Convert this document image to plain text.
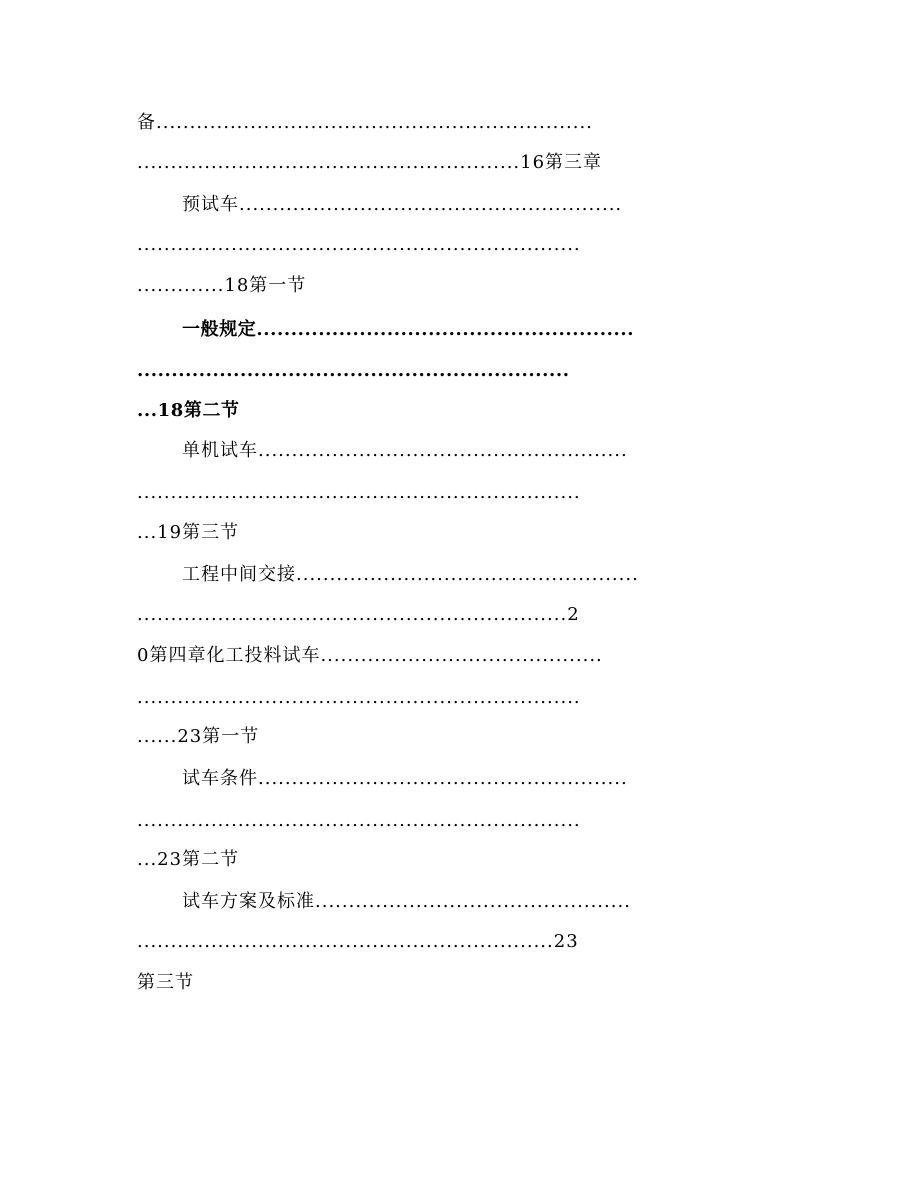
备.................................................................
.........................................................16第三章
预试车.........................................................
..................................................................
.............18第一节
一般规定.......................................................
...............................................................
...18第二节
单机试车.......................................................
..................................................................
...19第三节
工程中间交接...................................................
................................................................2
0第四章化工投料试车..........................................
..................................................................
......23第一节
试车条件.......................................................
..................................................................
...23第二节
试车方案及标准...............................................
..............................................................23
第三节
